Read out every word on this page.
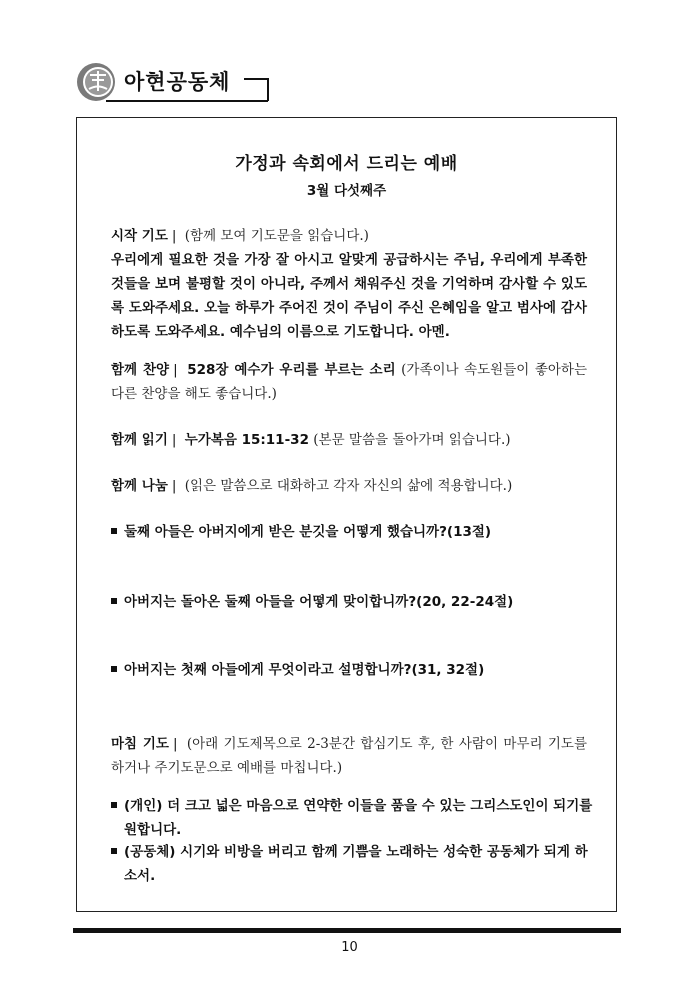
아현공동체
가정과 속회에서 드리는 예배
3월 다섯째주
시작 기도 | (함께 모여 기도문을 읽습니다.)
우리에게 필요한 것을 가장 잘 아시고 알맞게 공급하시는 주님, 우리에게 부족한 것들을 보며 불평할 것이 아니라, 주께서 채워주신 것을 기억하며 감사할 수 있도록 도와주세요. 오늘 하루가 주어진 것이 주님이 주신 은혜임을 알고 범사에 감사하도록 도와주세요. 예수님의 이름으로 기도합니다. 아멘.
함께 찬양 | 528장 예수가 우리를 부르는 소리 (가족이나 속도원들이 좋아하는 다른 찬양을 해도 좋습니다.)
함께 읽기 | 누가복음 15:11-32 (본문 말씀을 돌아가며 읽습니다.)
함께 나눔 | (읽은 말씀으로 대화하고 각자 자신의 삶에 적용합니다.)
둘째 아들은 아버지에게 받은 분깃을 어떻게 했습니까?(13절)
아버지는 돌아온 둘째 아들을 어떻게 맞이합니까?(20, 22-24절)
아버지는 첫째 아들에게 무엇이라고 설명합니까?(31, 32절)
마침 기도 | (아래 기도제목으로 2-3분간 합심기도 후, 한 사람이 마무리 기도를 하거나 주기도문으로 예배를 마칩니다.)
(개인) 더 크고 넓은 마음으로 연약한 이들을 품을 수 있는 그리스도인이 되기를 원합니다.
(공동체) 시기와 비방을 버리고 함께 기쁨을 노래하는 성숙한 공동체가 되게 하소서.
10
